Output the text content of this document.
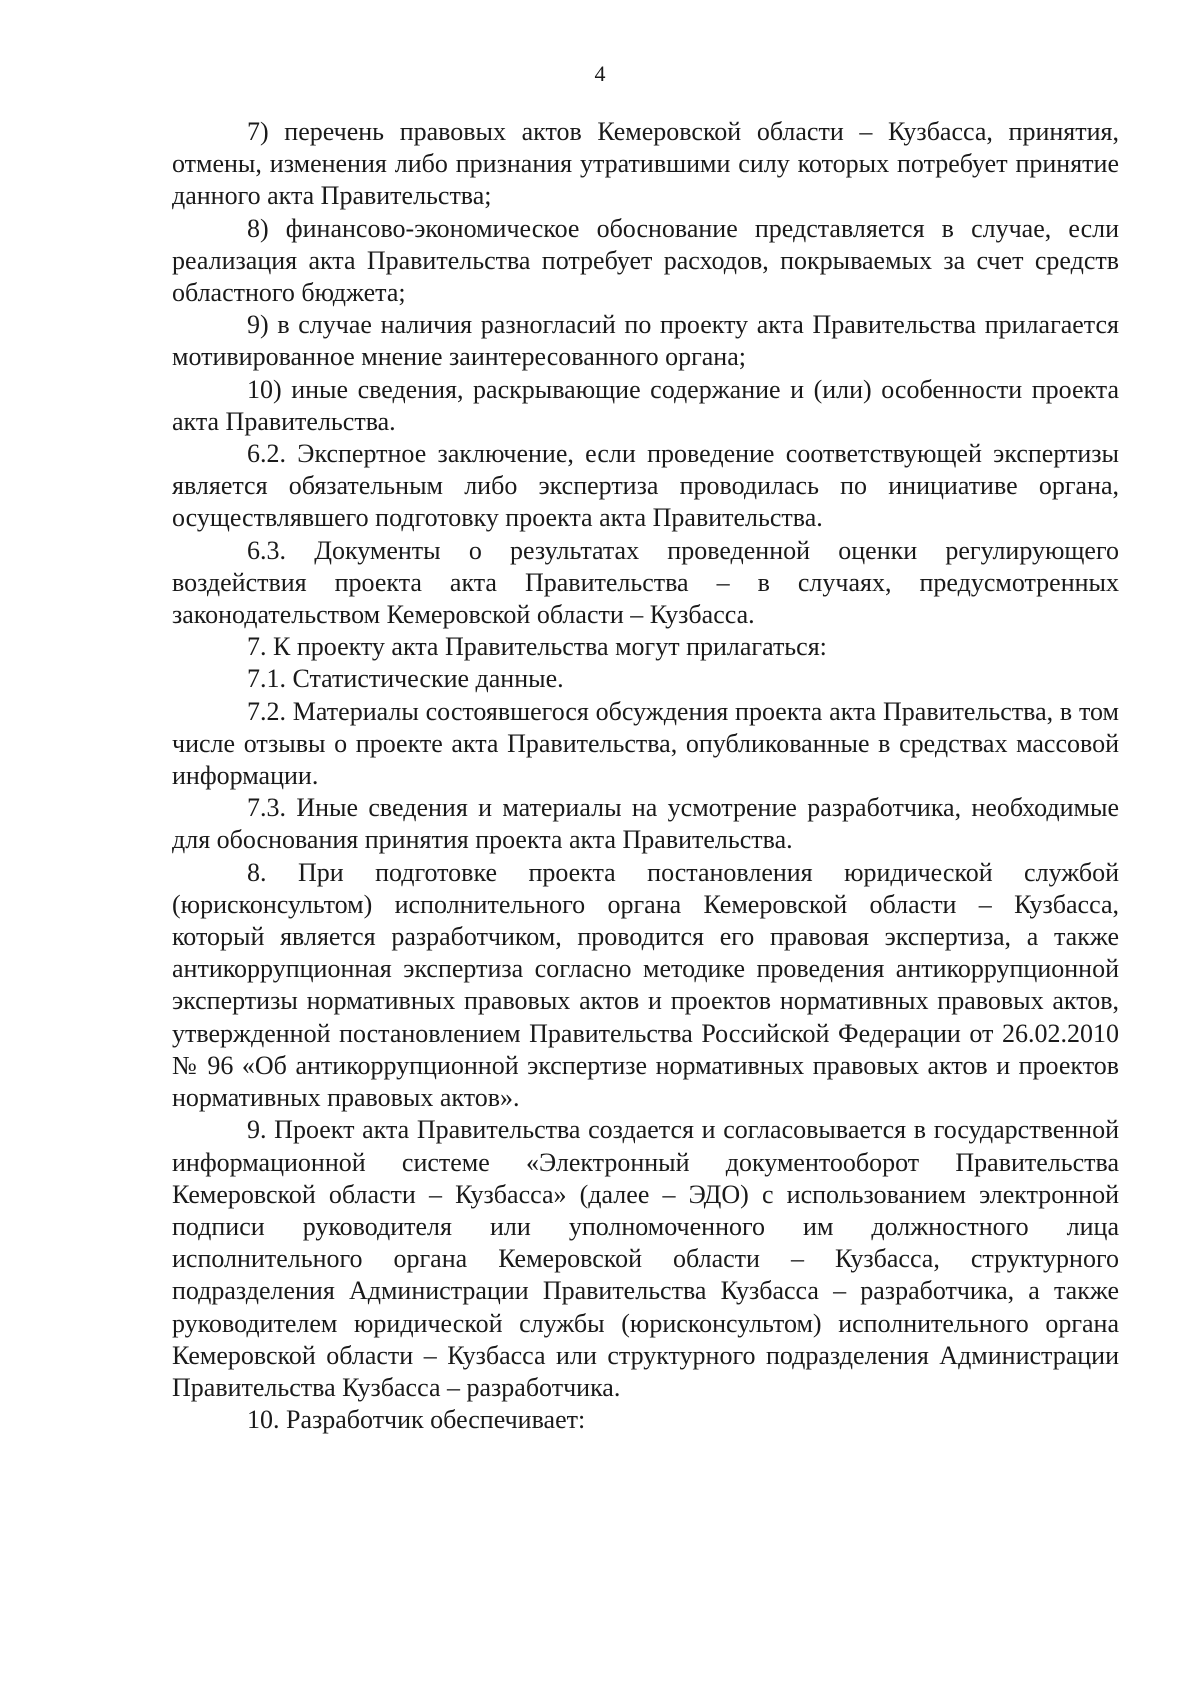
4

7) перечень правовых актов Кемеровской области – Кузбасса, принятия, отмены, изменения либо признания утратившими силу которых потребует принятие данного акта Правительства;

8) финансово-экономическое обоснование представляется в случае, если реализация акта Правительства потребует расходов, покрываемых за счет средств областного бюджета;

9) в случае наличия разногласий по проекту акта Правительства прилагается мотивированное мнение заинтересованного органа;

10) иные сведения, раскрывающие содержание и (или) особенности проекта акта Правительства.

6.2. Экспертное заключение, если проведение соответствующей экспертизы является обязательным либо экспертиза проводилась по инициативе органа, осуществлявшего подготовку проекта акта Правительства.

6.3. Документы о результатах проведенной оценки регулирующего воздействия проекта акта Правительства – в случаях, предусмотренных законодательством Кемеровской области – Кузбасса.

7. К проекту акта Правительства могут прилагаться:

7.1. Статистические данные.

7.2. Материалы состоявшегося обсуждения проекта акта Правительства, в том числе отзывы о проекте акта Правительства, опубликованные в средствах массовой информации.

7.3. Иные сведения и материалы на усмотрение разработчика, необходимые для обоснования принятия проекта акта Правительства.

8. При подготовке проекта постановления юридической службой (юрисконсультом) исполнительного органа Кемеровской области – Кузбасса, который является разработчиком, проводится его правовая экспертиза, а также антикоррупционная экспертиза согласно методике проведения антикоррупционной экспертизы нормативных правовых актов и проектов нормативных правовых актов, утвержденной постановлением Правительства Российской Федерации от 26.02.2010 № 96 «Об антикоррупционной экспертизе нормативных правовых актов и проектов нормативных правовых актов».

9. Проект акта Правительства создается и согласовывается в государственной информационной системе «Электронный документооборот Правительства Кемеровской области – Кузбасса» (далее – ЭДО) с использованием электронной подписи руководителя или уполномоченного им должностного лица исполнительного органа Кемеровской области – Кузбасса, структурного подразделения Администрации Правительства Кузбасса – разработчика, а также руководителем юридической службы (юрисконсультом) исполнительного органа Кемеровской области – Кузбасса или структурного подразделения Администрации Правительства Кузбасса – разработчика.

10. Разработчик обеспечивает:
